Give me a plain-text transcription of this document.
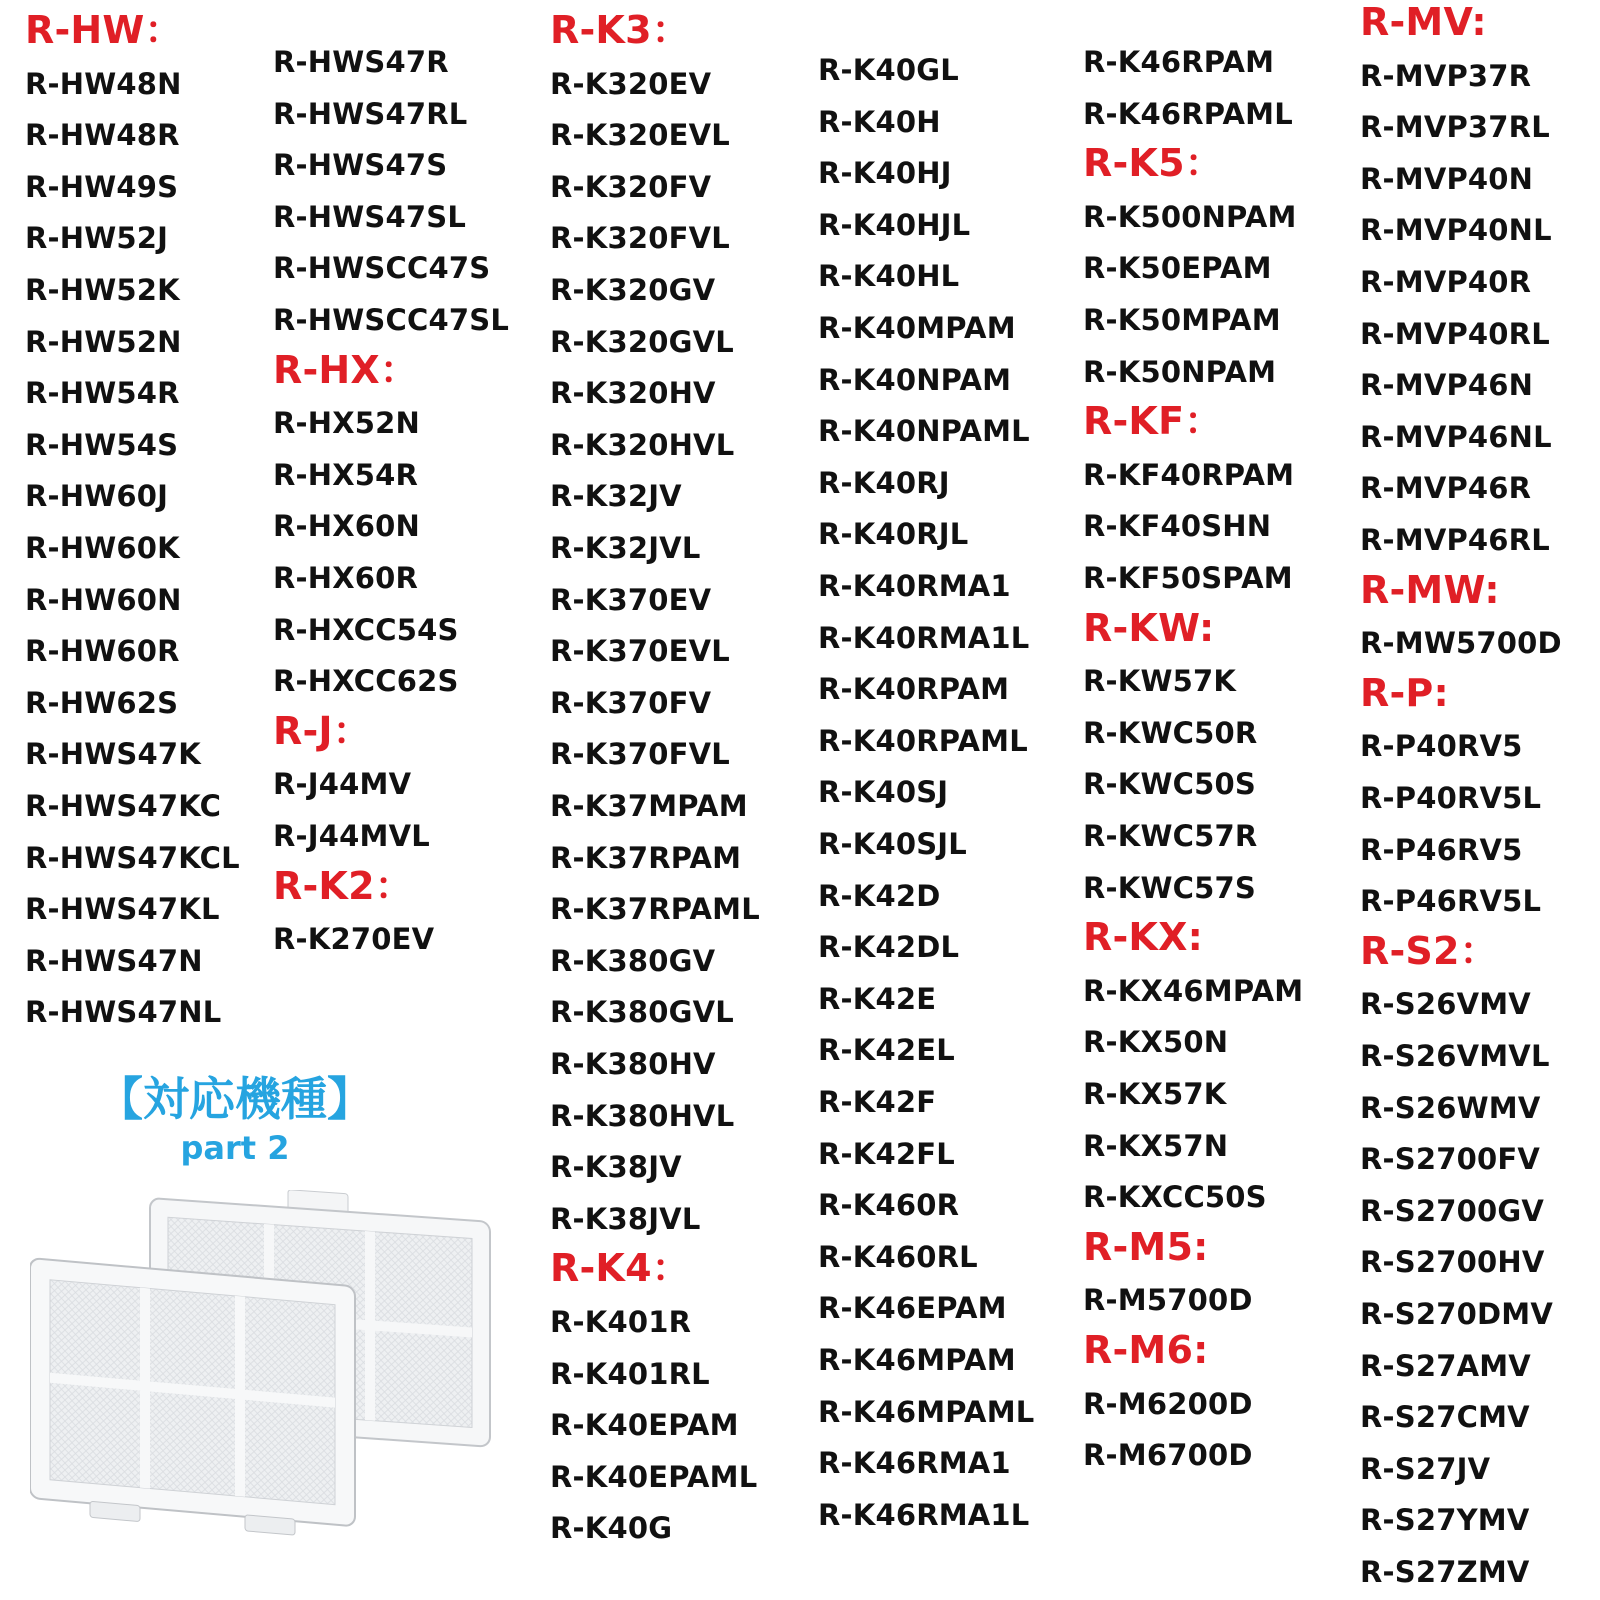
R-HW：
R-HW48N
R-HW48R
R-HW49S
R-HW52J
R-HW52K
R-HW52N
R-HW54R
R-HW54S
R-HW60J
R-HW60K
R-HW60N
R-HW60R
R-HW62S
R-HWS47K
R-HWS47KC
R-HWS47KCL
R-HWS47KL
R-HWS47N
R-HWS47NL
R-HWS47R
R-HWS47RL
R-HWS47S
R-HWS47SL
R-HWSCC47S
R-HWSCC47SL
R-HX：
R-HX52N
R-HX54R
R-HX60N
R-HX60R
R-HXCC54S
R-HXCC62S
R-J：
R-J44MV
R-J44MVL
R-K2：
R-K270EV
R-K3：
R-K320EV
R-K320EVL
R-K320FV
R-K320FVL
R-K320GV
R-K320GVL
R-K320HV
R-K320HVL
R-K32JV
R-K32JVL
R-K370EV
R-K370EVL
R-K370FV
R-K370FVL
R-K37MPAM
R-K37RPAM
R-K37RPAML
R-K380GV
R-K380GVL
R-K380HV
R-K380HVL
R-K38JV
R-K38JVL
R-K4：
R-K401R
R-K401RL
R-K40EPAM
R-K40EPAML
R-K40G
R-K40GL
R-K40H
R-K40HJ
R-K40HJL
R-K40HL
R-K40MPAM
R-K40NPAM
R-K40NPAML
R-K40RJ
R-K40RJL
R-K40RMA1
R-K40RMA1L
R-K40RPAM
R-K40RPAML
R-K40SJ
R-K40SJL
R-K42D
R-K42DL
R-K42E
R-K42EL
R-K42F
R-K42FL
R-K460R
R-K460RL
R-K46EPAM
R-K46MPAM
R-K46MPAML
R-K46RMA1
R-K46RMA1L
R-K46RPAM
R-K46RPAML
R-K5：
R-K500NPAM
R-K50EPAM
R-K50MPAM
R-K50NPAM
R-KF：
R-KF40RPAM
R-KF40SHN
R-KF50SPAM
R-KW:
R-KW57K
R-KWC50R
R-KWC50S
R-KWC57R
R-KWC57S
R-KX:
R-KX46MPAM
R-KX50N
R-KX57K
R-KX57N
R-KXCC50S
R-M5:
R-M5700D
R-M6:
R-M6200D
R-M6700D
R-MV:
R-MVP37R
R-MVP37RL
R-MVP40N
R-MVP40NL
R-MVP40R
R-MVP40RL
R-MVP46N
R-MVP46NL
R-MVP46R
R-MVP46RL
R-MW:
R-MW5700D
R-P:
R-P40RV5
R-P40RV5L
R-P46RV5
R-P46RV5L
R-S2：
R-S26VMV
R-S26VMVL
R-S26WMV
R-S2700FV
R-S2700GV
R-S2700HV
R-S270DMV
R-S27AMV
R-S27CMV
R-S27JV
R-S27YMV
R-S27ZMV
【対応機種】
part 2
